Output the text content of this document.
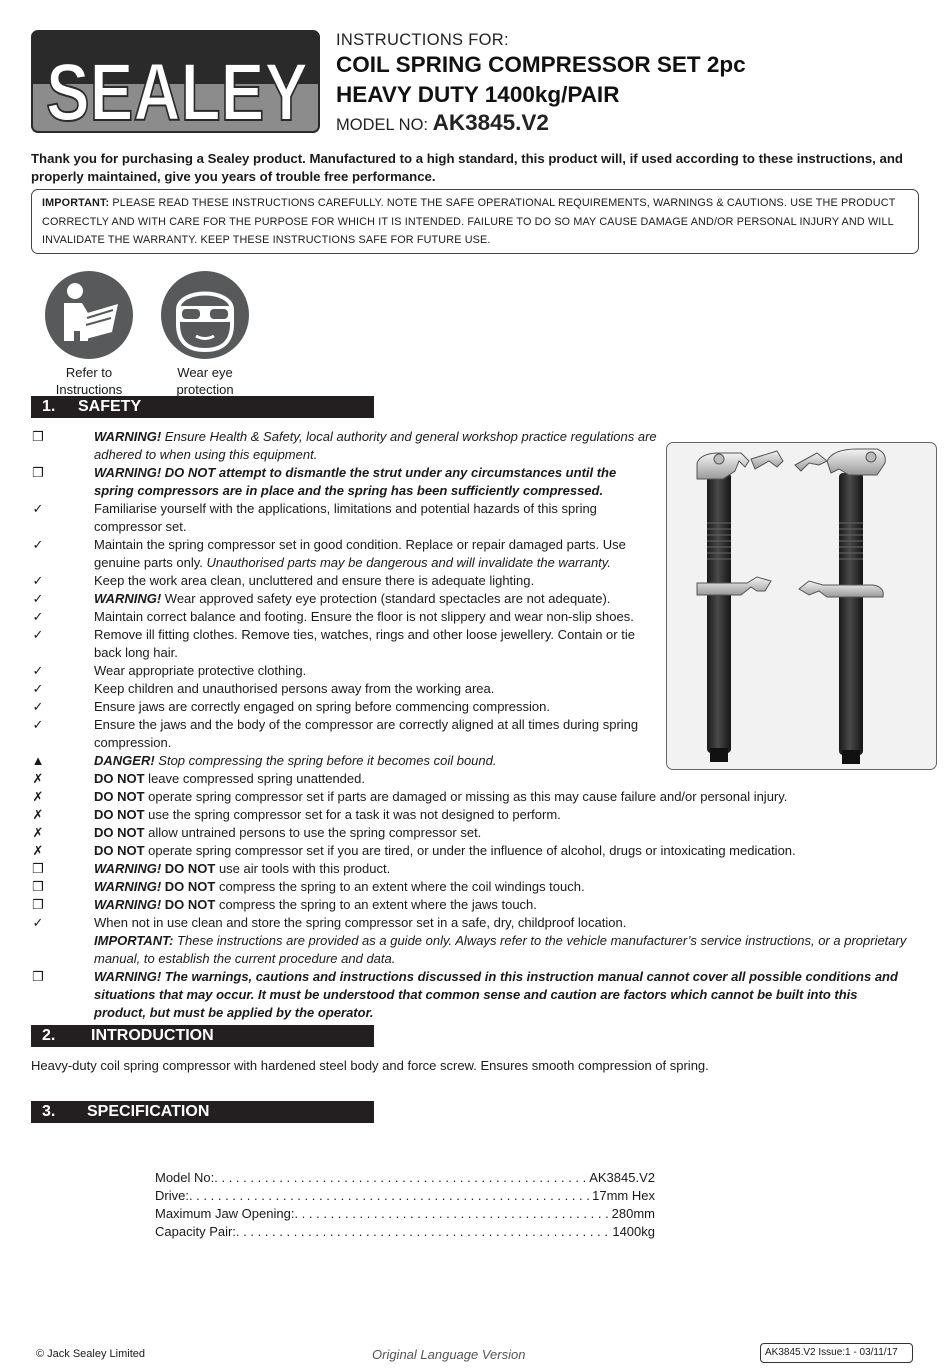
SEALEY
INSTRUCTIONS FOR:
COIL SPRING COMPRESSOR SET 2pc
HEAVY DUTY 1400kg/PAIR
MODEL NO: AK3845.V2
Thank you for purchasing a Sealey product. Manufactured to a high standard, this product will, if used according to these instructions, and properly maintained, give you years of trouble free performance.
IMPORTANT: PLEASE READ THESE INSTRUCTIONS CAREFULLY. NOTE THE SAFE OPERATIONAL REQUIREMENTS, WARNINGS & CAUTIONS. USE THE PRODUCT CORRECTLY AND WITH CARE FOR THE PURPOSE FOR WHICH IT IS INTENDED. FAILURE TO DO SO MAY CAUSE DAMAGE AND/OR PERSONAL INJURY AND WILL INVALIDATE THE WARRANTY. KEEP THESE INSTRUCTIONS SAFE FOR FUTURE USE.
Refer to
Instructions
Wear eye
protection
1. SAFETY
❒	WARNING! Ensure Health & Safety, local authority and general workshop practice regulations are adhered to when using this equipment.
❒	WARNING! DO NOT attempt to dismantle the strut under any circumstances until the spring compressors are in place and the spring has been sufficiently compressed.
✓	Familiarise yourself with the applications, limitations and potential hazards of this spring compressor set.
✓	Maintain the spring compressor set in good condition. Replace or repair damaged parts. Use genuine parts only. Unauthorised parts may be dangerous and will invalidate the warranty.
✓	Keep the work area clean, uncluttered and ensure there is adequate lighting.
✓	WARNING! Wear approved safety eye protection (standard spectacles are not adequate).
✓	Maintain correct balance and footing. Ensure the floor is not slippery and wear non-slip shoes.
✓	Remove ill fitting clothes. Remove ties, watches, rings and other loose jewellery. Contain or tie back long hair.
✓	Wear appropriate protective clothing.
✓	Keep children and unauthorised persons away from the working area.
✓	Ensure jaws are correctly engaged on spring before commencing compression.
✓	Ensure the jaws and the body of the compressor are correctly aligned at all times during spring compression.
▲	DANGER! Stop compressing the spring before it becomes coil bound.
✗	DO NOT leave compressed spring unattended.
✗	DO NOT operate spring compressor set if parts are damaged or missing as this may cause failure and/or personal injury.
✗	DO NOT use the spring compressor set for a task it was not designed to perform.
✗	DO NOT allow untrained persons to use the spring compressor set.
✗	DO NOT operate spring compressor set if you are tired, or under the influence of alcohol, drugs or intoxicating medication.
❒	WARNING! DO NOT use air tools with this product.
❒	WARNING! DO NOT compress the spring to an extent where the coil windings touch.
❒	WARNING! DO NOT compress the spring to an extent where the jaws touch.
✓	When not in use clean and store the spring compressor set in a safe, dry, childproof location.
IMPORTANT: These instructions are provided as a guide only. Always refer to the vehicle manufacturer’s service instructions, or a proprietary manual, to establish the current procedure and data.
❒	WARNING! The warnings, cautions and instructions discussed in this instruction manual cannot cover all possible conditions and situations that may occur. It must be understood that common sense and caution are factors which cannot be built into this product, but must be applied by the operator.
2. INTRODUCTION
Heavy-duty coil spring compressor with hardened steel body and force screw. Ensures smooth compression of spring.
3. SPECIFICATION
Model No: . . .	AK3845.V2
Drive: . . .	17mm Hex
Maximum Jaw Opening: . . .	280mm
Capacity Pair: . . .	1400kg
© Jack Sealey Limited	Original Language Version	AK3845.V2 Issue:1 - 03/11/17
